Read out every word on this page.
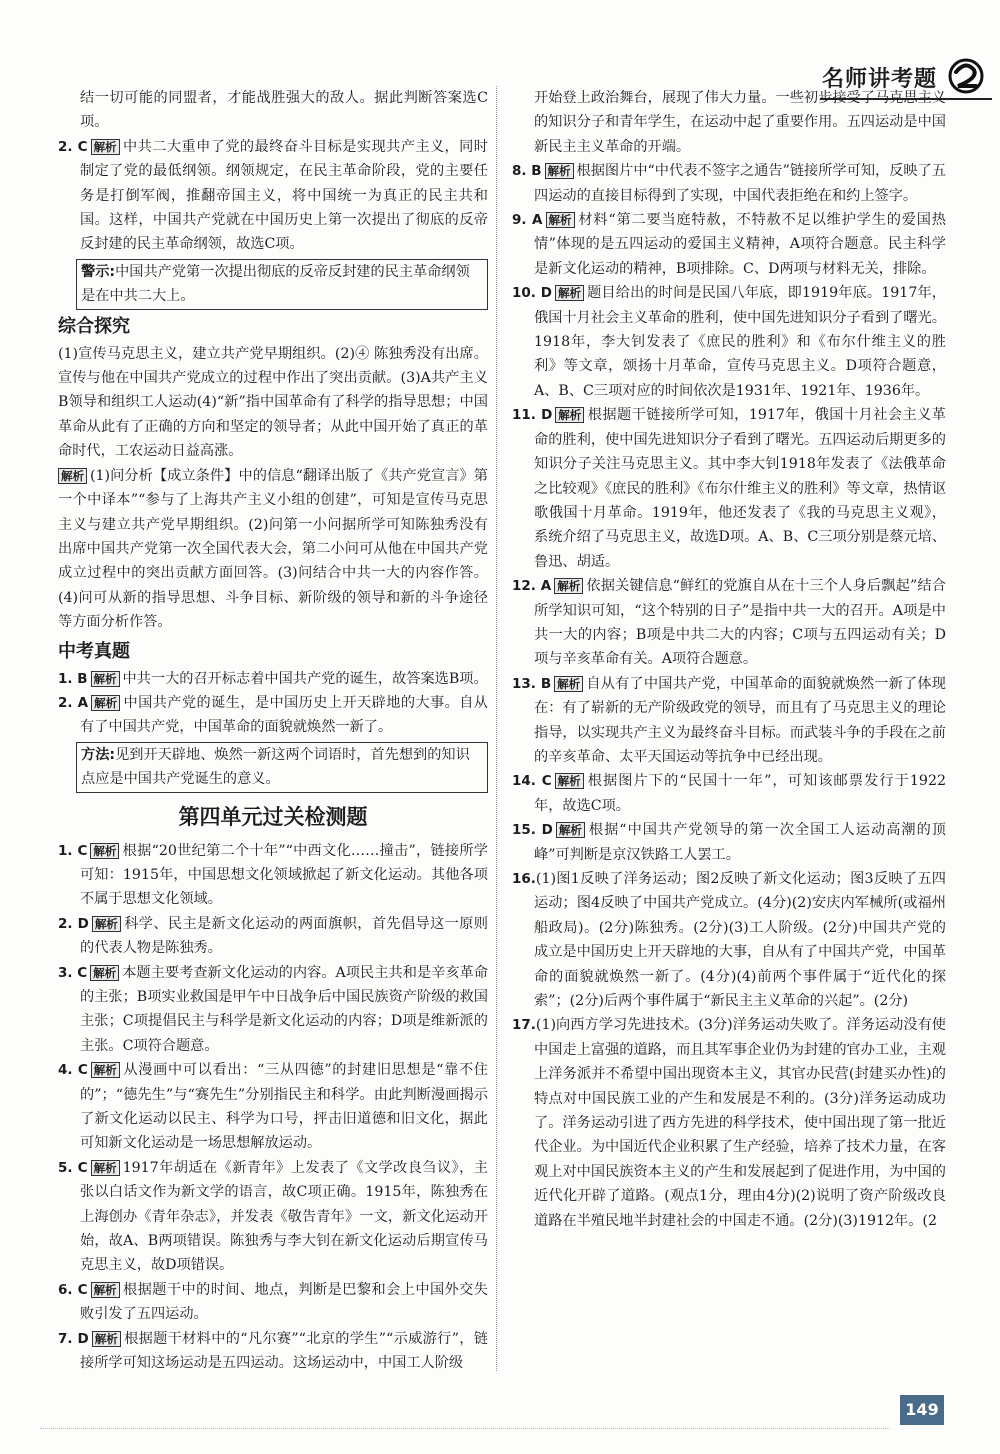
名师讲考题

结一切可能的同盟者，才能战胜强大的敌人。据此判断答案选C项。

2. C 解析 中共二大重申了党的最终奋斗目标是实现共产主义，同时制定了党的最低纲领。纲领规定，在民主革命阶段，党的主要任务是打倒军阀，推翻帝国主义，将中国统一为真正的民主共和国。这样，中国共产党就在中国历史上第一次提出了彻底的反帝反封建的民主革命纲领，故选C项。

警示:中国共产党第一次提出彻底的反帝反封建的民主革命纲领是在中共二大上。
综合探究

(1)宣传马克思主义，建立共产党早期组织。(2)④ 陈独秀没有出席。宣传与他在中国共产党成立的过程中作出了突出贡献。(3)A共产主义 B领导和组织工人运动(4)“新”指中国革命有了科学的指导思想；中国革命从此有了正确的方向和坚定的领导者；从此中国开始了真正的革命时代，工农运动日益高涨。

解析 (1)问分析【成立条件】中的信息“翻译出版了《共产党宣言》第一个中译本”“参与了上海共产主义小组的创建”，可知是宣传马克思主义与建立共产党早期组织。(2)问第一小问据所学可知陈独秀没有出席中国共产党第一次全国代表大会，第二小问可从他在中国共产党成立过程中的突出贡献方面回答。(3)问结合中共一大的内容作答。(4)问可从新的指导思想、斗争目标、新阶级的领导和新的斗争途径等方面分析作答。

中考真题

1. B 解析 中共一大的召开标志着中国共产党的诞生，故答案选B项。

2. A 解析 中国共产党的诞生，是中国历史上开天辟地的大事。自从有了中国共产党，中国革命的面貌就焕然一新了。

方法:见到开天辟地、焕然一新这两个词语时，首先想到的知识点应是中国共产党诞生的意义。
第四单元过关检测题

1. C 解析 根据“20世纪第二个十年”“中西文化……撞击”，链接所学可知：1915年，中国思想文化领域掀起了新文化运动。其他各项不属于思想文化领域。

2. D 解析 科学、民主是新文化运动的两面旗帜，首先倡导这一原则的代表人物是陈独秀。

3. C 解析 本题主要考查新文化运动的内容。A项民主共和是辛亥革命的主张；B项实业救国是甲午中日战争后中国民族资产阶级的救国主张；C项提倡民主与科学是新文化运动的内容；D项是维新派的主张。C项符合题意。

4. C 解析 从漫画中可以看出：“三从四德”的封建旧思想是“靠不住的”；“德先生”与“赛先生”分别指民主和科学。由此判断漫画揭示了新文化运动以民主、科学为口号，抨击旧道德和旧文化，据此可知新文化运动是一场思想解放运动。

5. C 解析 1917年胡适在《新青年》上发表了《文学改良刍议》，主张以白话文作为新文学的语言，故C项正确。1915年，陈独秀在上海创办《青年杂志》，并发表《敬告青年》一文，新文化运动开始，故A、B两项错误。陈独秀与李大钊在新文化运动后期宣传马克思主义，故D项错误。

6. C 解析 根据题干中的时间、地点，判断是巴黎和会上中国外交失败引发了五四运动。

7. D 解析 根据题干材料中的“凡尔赛”“北京的学生”“示威游行”，链接所学可知这场运动是五四运动。这场运动中，中国工人阶级

开始登上政治舞台，展现了伟大力量。一些初步接受了马克思主义的知识分子和青年学生，在运动中起了重要作用。五四运动是中国新民主主义革命的开端。

8. B 解析 根据图片中“中代表不签字之通告”链接所学可知，反映了五四运动的直接目标得到了实现，中国代表拒绝在和约上签字。

9. A 解析 材料“第二要当庭特赦，不特赦不足以维护学生的爱国热情”体现的是五四运动的爱国主义精神，A项符合题意。民主科学是新文化运动的精神，B项排除。C、D两项与材料无关，排除。

10. D 解析 题目给出的时间是民国八年底，即1919年底。1917年，俄国十月社会主义革命的胜利，使中国先进知识分子看到了曙光。1918年，李大钊发表了《庶民的胜利》和《布尔什维主义的胜利》等文章，颂扬十月革命，宣传马克思主义。D项符合题意，A、B、C三项对应的时间依次是1931年、1921年、1936年。

11. D 解析 根据题干链接所学可知，1917年，俄国十月社会主义革命的胜利，使中国先进知识分子看到了曙光。五四运动后期更多的知识分子关注马克思主义。其中李大钊1918年发表了《法俄革命之比较观》《庶民的胜利》《布尔什维主义的胜利》等文章，热情讴歌俄国十月革命。1919年，他还发表了《我的马克思主义观》，系统介绍了马克思主义，故选D项。A、B、C三项分别是蔡元培、鲁迅、胡适。

12. A 解析 依据关键信息“鲜红的党旗自从在十三个人身后飘起”结合所学知识可知，“这个特别的日子”是指中共一大的召开。A项是中共一大的内容；B项是中共二大的内容；C项与五四运动有关；D项与辛亥革命有关。A项符合题意。

13. B 解析 自从有了中国共产党，中国革命的面貌就焕然一新了体现在：有了崭新的无产阶级政党的领导，而且有了马克思主义的理论指导，以实现共产主义为最终奋斗目标。而武装斗争的手段在之前的辛亥革命、太平天国运动等抗争中已经出现。

14. C 解析 根据图片下的“民国十一年”，可知该邮票发行于1922年，故选C项。

15. D 解析 根据“中国共产党领导的第一次全国工人运动高潮的顶峰”可判断是京汉铁路工人罢工。

16.(1)图1反映了洋务运动；图2反映了新文化运动；图3反映了五四运动；图4反映了中国共产党成立。(4分)(2)安庆内军械所(或福州船政局)。(2分)陈独秀。(2分)(3)工人阶级。(2分)中国共产党的成立是中国历史上开天辟地的大事，自从有了中国共产党，中国革命的面貌就焕然一新了。(4分)(4)前两个事件属于“近代化的探索”；(2分)后两个事件属于“新民主主义革命的兴起”。(2分)

17.(1)向西方学习先进技术。(3分)洋务运动失败了。洋务运动没有使中国走上富强的道路，而且其军事企业仍为封建的官办工业，主观上洋务派并不希望中国出现资本主义，其官办民营(封建买办性)的特点对中国民族工业的产生和发展是不利的。(3分)洋务运动成功了。洋务运动引进了西方先进的科学技术，使中国出现了第一批近代企业。为中国近代企业积累了生产经验，培养了技术力量，在客观上对中国民族资本主义的产生和发展起到了促进作用，为中国的近代化开辟了道路。(观点1分，理由4分)(2)说明了资产阶级改良道路在半殖民地半封建社会的中国走不通。(2分)(3)1912年。(2

149
